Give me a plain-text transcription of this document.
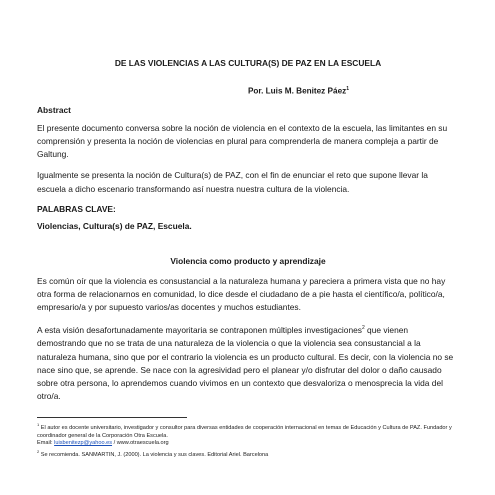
DE LAS VIOLENCIAS A LAS CULTURA(S) DE PAZ EN LA ESCUELA
Por. Luis M. Benitez Páez$^1$
Abstract

El presente documento conversa sobre la noción de violencia en el contexto de la escuela, las limitantes en su comprensión y presenta la noción de violencias en plural para comprenderla de manera compleja a partir de Galtung.

Igualmente se presenta la noción de Cultura(s) de PAZ, con el fin de enunciar el reto que supone llevar la escuela a dicho escenario transformando así nuestra nuestra cultura de la violencia.

PALABRAS CLAVE:
Violencias, Cultura(s) de PAZ, Escuela.
Violencia como producto y aprendizaje

Es común oír que la violencia es consustancial a la naturaleza humana y pareciera a primera vista que no hay otra forma de relacionarnos en comunidad, lo dice desde el ciudadano de a pie hasta el científico/a, político/a, empresario/a y por supuesto varios/as docentes y muchos estudiantes.

A esta visión desafortunadamente mayoritaria se contraponen múltiples investigaciones$^2$ que vienen demostrando que no se trata de una naturaleza de la violencia o que la violencia sea consustancial a la naturaleza humana, sino que por el contrario la violencia es un producto cultural. Es decir, con la violencia no se nace sino que, se aprende. Se nace con la agresividad pero el planear y/o disfrutar del dolor o daño causado sobre otra persona, lo aprendemos cuando vivimos en un contexto que desvaloriza o menosprecia la vida del otro/a.

$^1$ El autor es docente universitario, investigador y consultor para diversas entidades de cooperación internacional en temas de Educación y Cultura de PAZ. Fundador y coordinador general de la Corporación Otra Escuela.
Email: luisbenitezp@yahoo.es / www.otraescuela.org
$^2$ Se recomienda. SANMARTIN, J. (2000). La violencia y sus claves. Editorial Ariel. Barcelona
